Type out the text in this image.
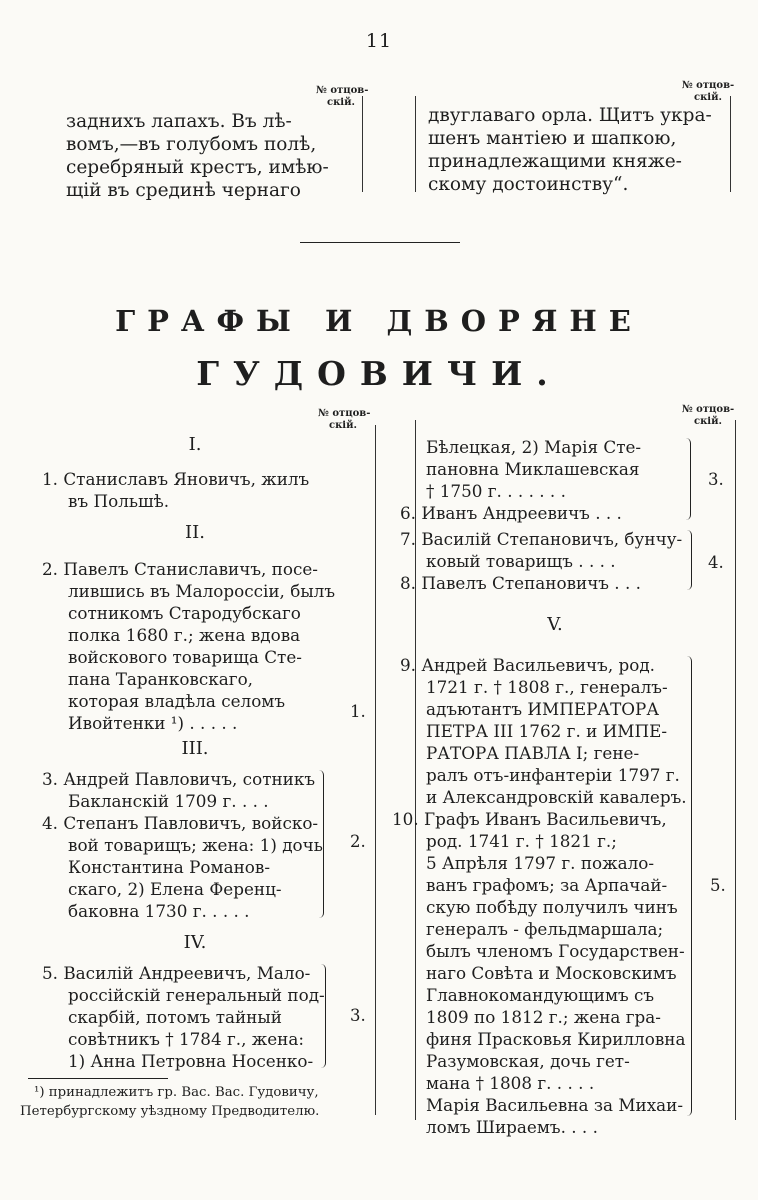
11
№ отцов-
скій.
№ отцов-
скій.
заднихъ лапахъ. Въ лѣ-
вомъ,—въ голубомъ полѣ,
серебряный крестъ, имѣю-
щій въ срединѣ чернаго
двуглаваго орла. Щитъ укра-
шенъ мантіею и шапкою,
принадлежащими княже-
скому достоинству“.
ГРАФЫ И ДВОРЯНЕ
ГУДОВИЧИ.
№ отцов-
скій.
№ отцов-
скій.
I.
1. Станиславъ Яновичъ, жилъ
въ Польшѣ.
II.
2. Павелъ Станиславичъ, посе-
лившись въ Малороссіи, былъ
сотникомъ Стародубскаго
полка 1680 г.; жена вдова
войскового товарища Сте-
пана Таранковскаго,
которая владѣла селомъ
Ивойтенки ¹) . . . . .
1.
III.
3. Андрей Павловичъ, сотникъ
Бакланскій 1709 г. . . .
4. Степанъ Павловичъ, войско-
вой товарищъ; жена: 1) дочь
Константина Романов-
скаго, 2) Елена Ференц-
баковна 1730 г. . . . .
2.
IV.
5. Василій Андреевичъ, Мало-
россійскій генеральный под-
скарбій, потомъ тайный
совѣтникъ † 1784 г., жена:
1) Анна Петровна Носенко-
3.
¹) принадлежитъ гр. Вас. Вас. Гудовичу,
Петербургскому уѣздному Предводителю.
Бѣлецкая, 2) Марія Сте-
пановна Миклашевская
† 1750 г. . . . . . .
6. Иванъ Андреевичъ . . .
3.
7. Василій Степановичъ, бунчу-
ковый товарищъ . . . .
8. Павелъ Степановичъ . . .
4.
V.
9. Андрей Васильевичъ, род.
1721 г. † 1808 г., генералъ-
адъютантъ ИМПЕРАТОРА
ПЕТРА III 1762 г. и ИМПЕ-
РАТОРА ПАВЛА I; гене-
ралъ отъ-инфантеріи 1797 г.
и Александровскій кавалеръ.
10. Графъ Иванъ Васильевичъ,
род. 1741 г. † 1821 г.;
5 Апрѣля 1797 г. пожало-
ванъ графомъ; за Арпачай-
скую побѣду получилъ чинъ
генералъ - фельдмаршала;
былъ членомъ Государствен-
наго Совѣта и Московскимъ
Главнокомандующимъ съ
1809 по 1812 г.; жена гра-
финя Прасковья Кирилловна
Разумовская, дочь гет-
мана † 1808 г. . . . .
Марія Васильевна за Михаи-
ломъ Шираемъ. . . .
5.
